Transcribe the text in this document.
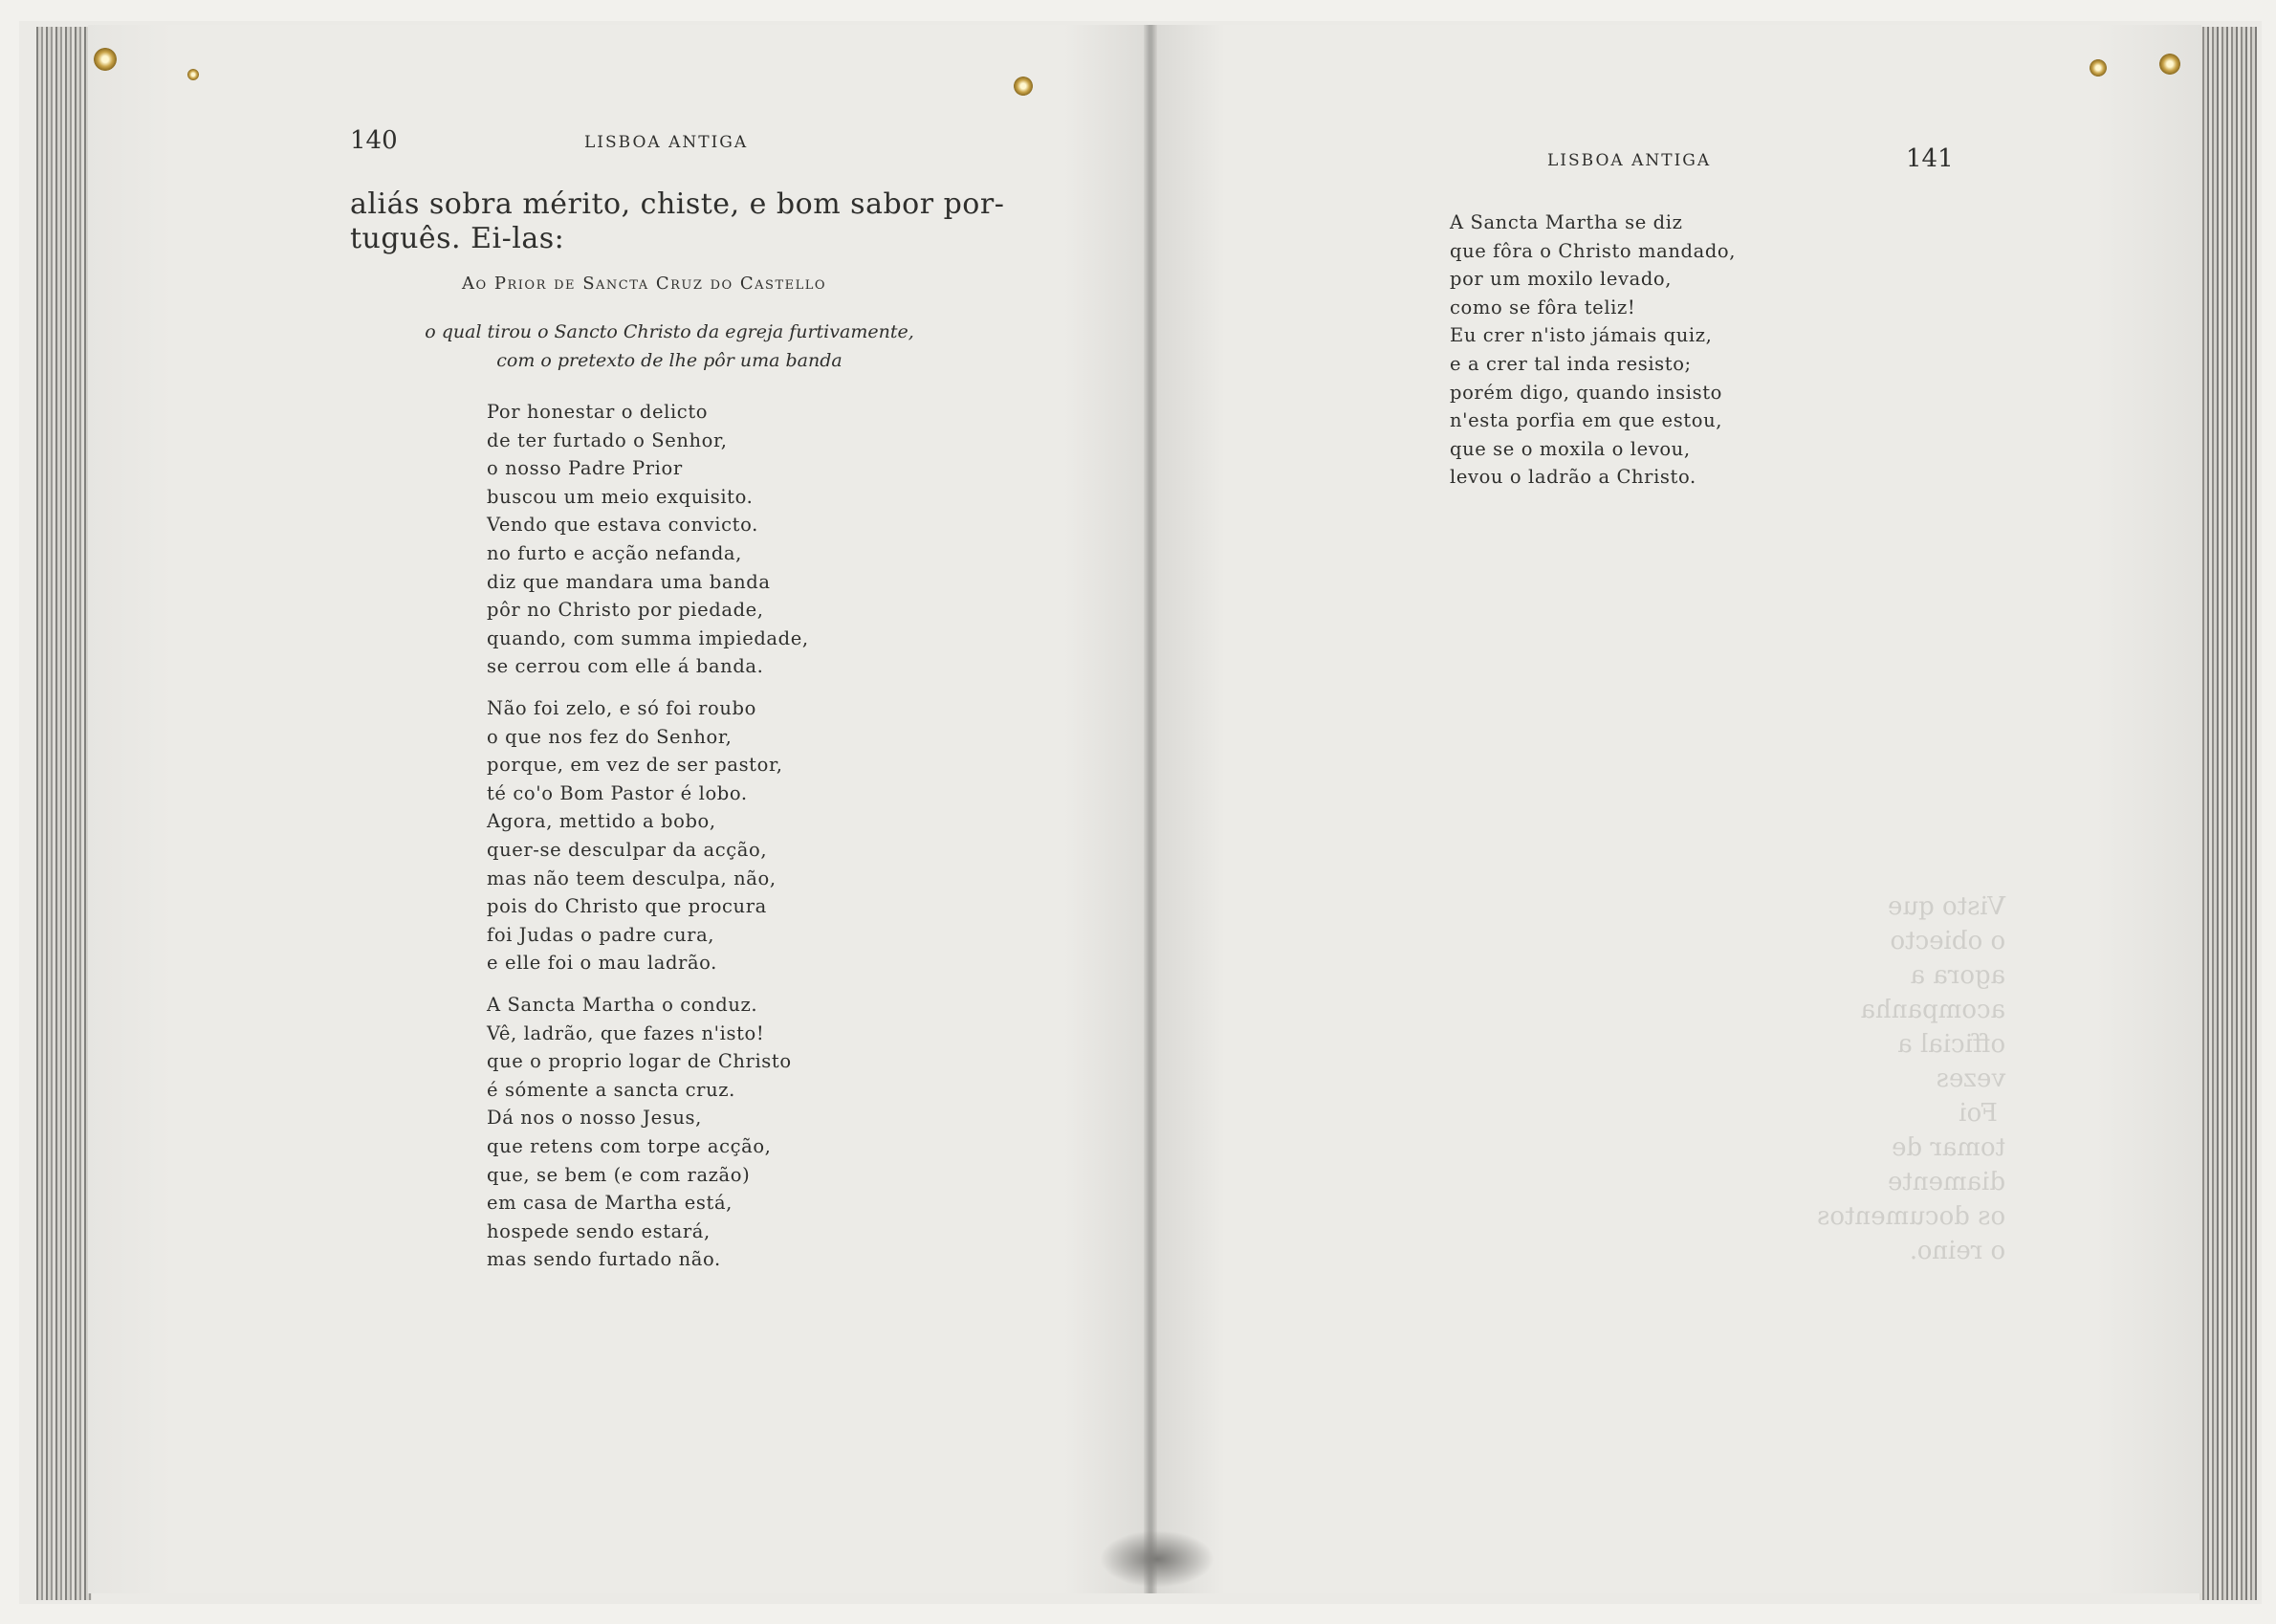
Visto que
o obiecto
agora a
acompanha
official a
vezes
Foi
tomar de
diamente
os documentos
o reino.
140	LISBOA ANTIGA
aliás sobra mérito, chiste, e bom sabor por-
tuguês. Ei-las:
Ao Prior de Sancta Cruz do Castello
o qual tirou o Sancto Christo da egreja furtivamente,
com o pretexto de lhe pôr uma banda
Por honestar o delicto
de ter furtado o Senhor,
o nosso Padre Prior
buscou um meio exquisito.
Vendo que estava convicto.
no furto e acção nefanda,
diz que mandara uma banda
pôr no Christo por piedade,
quando, com summa impiedade,
se cerrou com elle á banda.
Não foi zelo, e só foi roubo
o que nos fez do Senhor,
porque, em vez de ser pastor,
té co'o Bom Pastor é lobo.
Agora, mettido a bobo,
quer-se desculpar da acção,
mas não teem desculpa, não,
pois do Christo que procura
foi Judas o padre cura,
e elle foi o mau ladrão.
A Sancta Martha o conduz.
Vê, ladrão, que fazes n'isto!
que o proprio logar de Christo
é sómente a sancta cruz.
Dá nos o nosso Jesus,
que retens com torpe acção,
que, se bem (e com razão)
em casa de Martha está,
hospede sendo estará,
mas sendo furtado não.
LISBOA ANTIGA	141
A Sancta Martha se diz
que fôra o Christo mandado,
por um moxilo levado,
como se fôra teliz!
Eu crer n'isto jámais quiz,
e a crer tal inda resisto;
porém digo, quando insisto
n'esta porfia em que estou,
que se o moxila o levou,
levou o ladrão a Christo.
